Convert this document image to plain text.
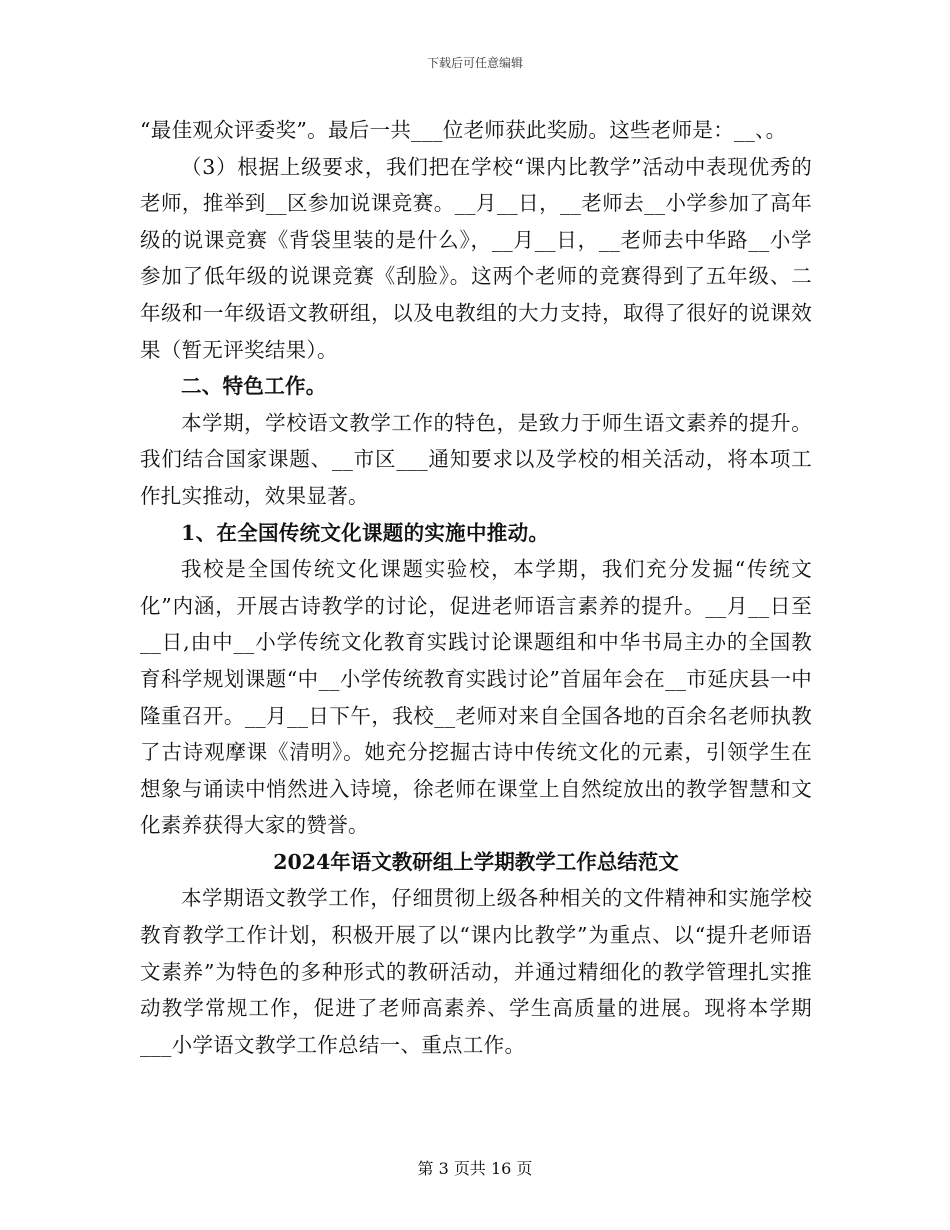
下载后可任意编辑

“最佳观众评委奖”。最后一共___位老师获此奖励。这些老师是：__、。

（3）根据上级要求，我们把在学校“课内比教学”活动中表现优秀的老师，推举到__区参加说课竞赛。__月__日，__老师去__小学参加了高年级的说课竞赛《背袋里装的是什么》，__月__日，__老师去中华路__小学参加了低年级的说课竞赛《刮脸》。这两个老师的竞赛得到了五年级、二年级和一年级语文教研组，以及电教组的大力支持，取得了很好的说课效果（暂无评奖结果）。

二、特色工作。

本学期，学校语文教学工作的特色，是致力于师生语文素养的提升。我们结合国家课题、__市区___通知要求以及学校的相关活动，将本项工作扎实推动，效果显著。

1、在全国传统文化课题的实施中推动。

我校是全国传统文化课题实验校，本学期，我们充分发掘“传统文化”内涵，开展古诗教学的讨论，促进老师语言素养的提升。__月__日至__日,由中__小学传统文化教育实践讨论课题组和中华书局主办的全国教育科学规划课题“中__小学传统教育实践讨论”首届年会在__市延庆县一中隆重召开。__月__日下午，我校__老师对来自全国各地的百余名老师执教了古诗观摩课《清明》。她充分挖掘古诗中传统文化的元素，引领学生在想象与诵读中悄然进入诗境，徐老师在课堂上自然绽放出的教学智慧和文化素养获得大家的赞誉。

2024年语文教研组上学期教学工作总结范文

本学期语文教学工作，仔细贯彻上级各种相关的文件精神和实施学校教育教学工作计划，积极开展了以“课内比教学”为重点、以“提升老师语文素养”为特色的多种形式的教研活动，并通过精细化的教学管理扎实推动教学常规工作，促进了老师高素养、学生高质量的进展。现将本学期___小学语文教学工作总结一、重点工作。

第 3 页共 16 页
